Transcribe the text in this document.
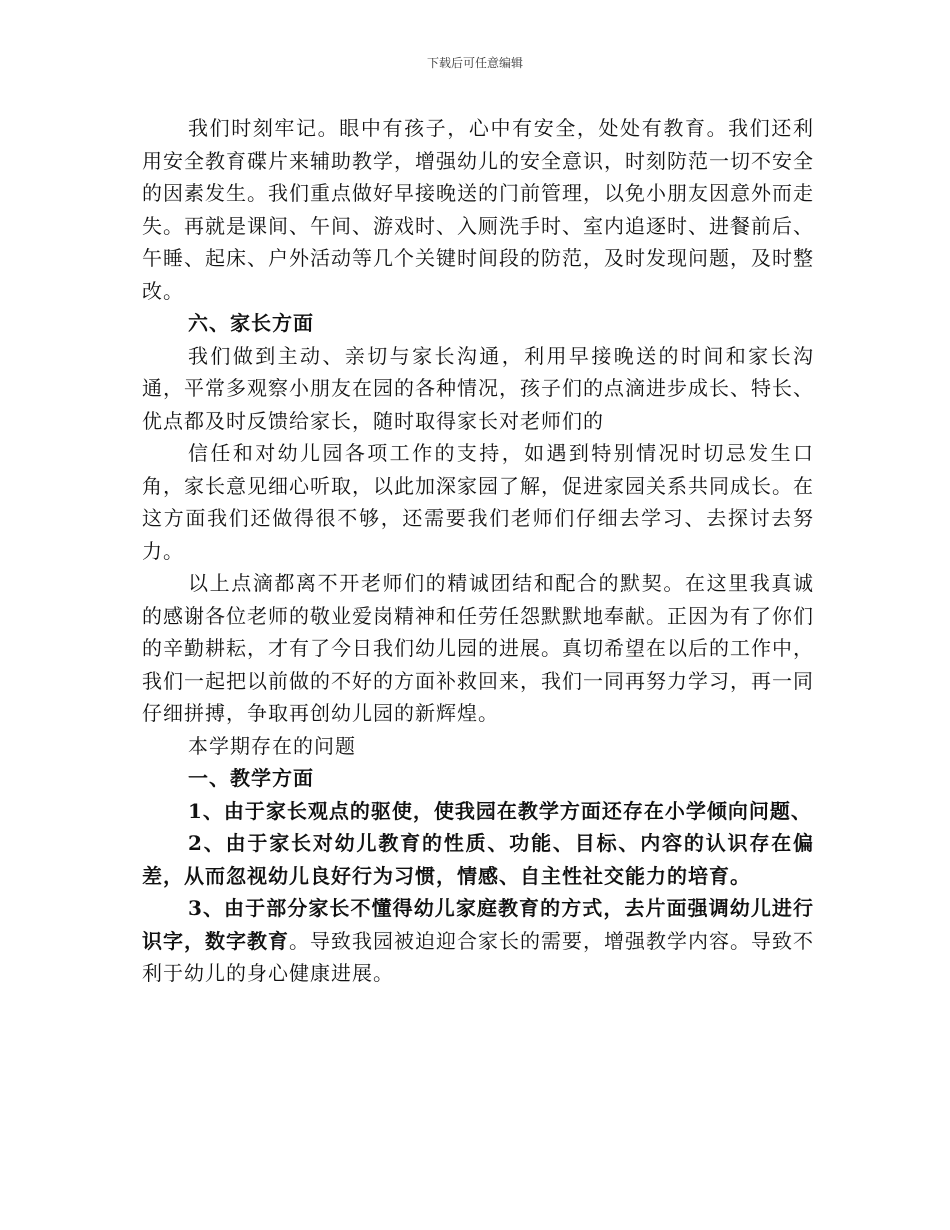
下载后可任意编辑

我们时刻牢记。眼中有孩子，心中有安全，处处有教育。我们还利用安全教育碟片来辅助教学，增强幼儿的安全意识，时刻防范一切不安全的因素发生。我们重点做好早接晚送的门前管理，以免小朋友因意外而走失。再就是课间、午间、游戏时、入厕洗手时、室内追逐时、进餐前后、午睡、起床、户外活动等几个关键时间段的防范，及时发现问题，及时整改。

六、家长方面

我们做到主动、亲切与家长沟通，利用早接晚送的时间和家长沟通，平常多观察小朋友在园的各种情况，孩子们的点滴进步成长、特长、优点都及时反馈给家长，随时取得家长对老师们的

信任和对幼儿园各项工作的支持，如遇到特别情况时切忌发生口角，家长意见细心听取，以此加深家园了解，促进家园关系共同成长。在这方面我们还做得很不够，还需要我们老师们仔细去学习、去探讨去努力。

以上点滴都离不开老师们的精诚团结和配合的默契。在这里我真诚的感谢各位老师的敬业爱岗精神和任劳任怨默默地奉献。正因为有了你们的辛勤耕耘，才有了今日我们幼儿园的进展。真切希望在以后的工作中，我们一起把以前做的不好的方面补救回来，我们一同再努力学习，再一同仔细拼搏，争取再创幼儿园的新辉煌。

本学期存在的问题

一、教学方面

1、由于家长观点的驱使，使我园在教学方面还存在小学倾向问题、

2、由于家长对幼儿教育的性质、功能、目标、内容的认识存在偏差，从而忽视幼儿良好行为习惯，情感、自主性社交能力的培育。

3、由于部分家长不懂得幼儿家庭教育的方式，去片面强调幼儿进行识字，数字教育。导致我园被迫迎合家长的需要，增强教学内容。导致不利于幼儿的身心健康进展。
